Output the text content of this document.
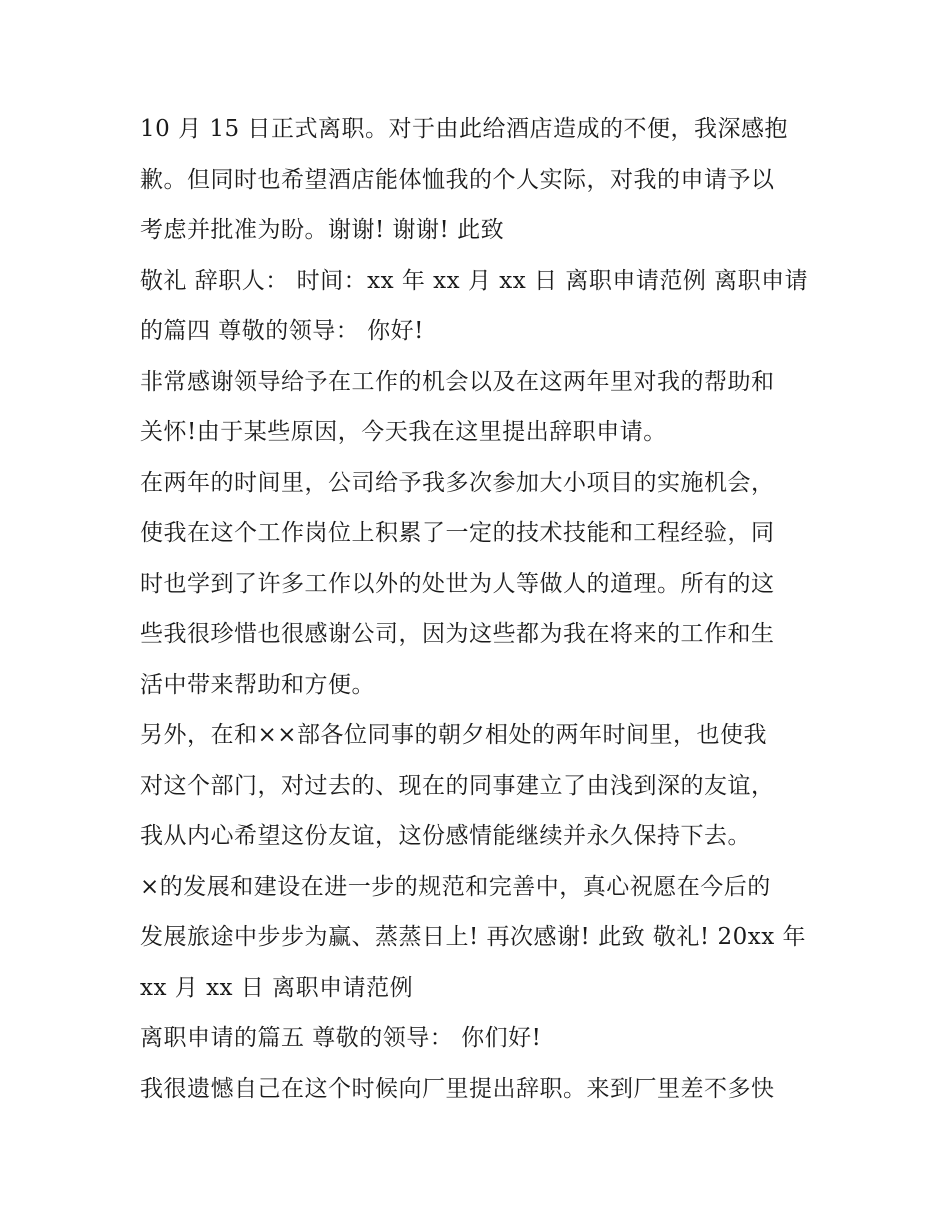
10 月 15 日正式离职。对于由此给酒店造成的不便，我深感抱
歉。但同时也希望酒店能体恤我的个人实际，对我的申请予以
考虑并批准为盼。谢谢! 谢谢! 此致
敬礼 辞职人： 时间：xx 年 xx 月 xx 日 离职申请范例 离职申请
的篇四 尊敬的领导： 你好!
非常感谢领导给予在工作的机会以及在这两年里对我的帮助和
关怀!由于某些原因，今天我在这里提出辞职申请。
在两年的时间里，公司给予我多次参加大小项目的实施机会，
使我在这个工作岗位上积累了一定的技术技能和工程经验，同
时也学到了许多工作以外的处世为人等做人的道理。所有的这
些我很珍惜也很感谢公司，因为这些都为我在将来的工作和生
活中带来帮助和方便。
另外，在和××部各位同事的朝夕相处的两年时间里，也使我
对这个部门，对过去的、现在的同事建立了由浅到深的友谊，
我从内心希望这份友谊，这份感情能继续并永久保持下去。
×的发展和建设在进一步的规范和完善中，真心祝愿在今后的
发展旅途中步步为赢、蒸蒸日上! 再次感谢! 此致 敬礼! 20xx 年
xx 月 xx 日 离职申请范例
离职申请的篇五 尊敬的领导： 你们好!
我很遗憾自己在这个时候向厂里提出辞职。来到厂里差不多快
